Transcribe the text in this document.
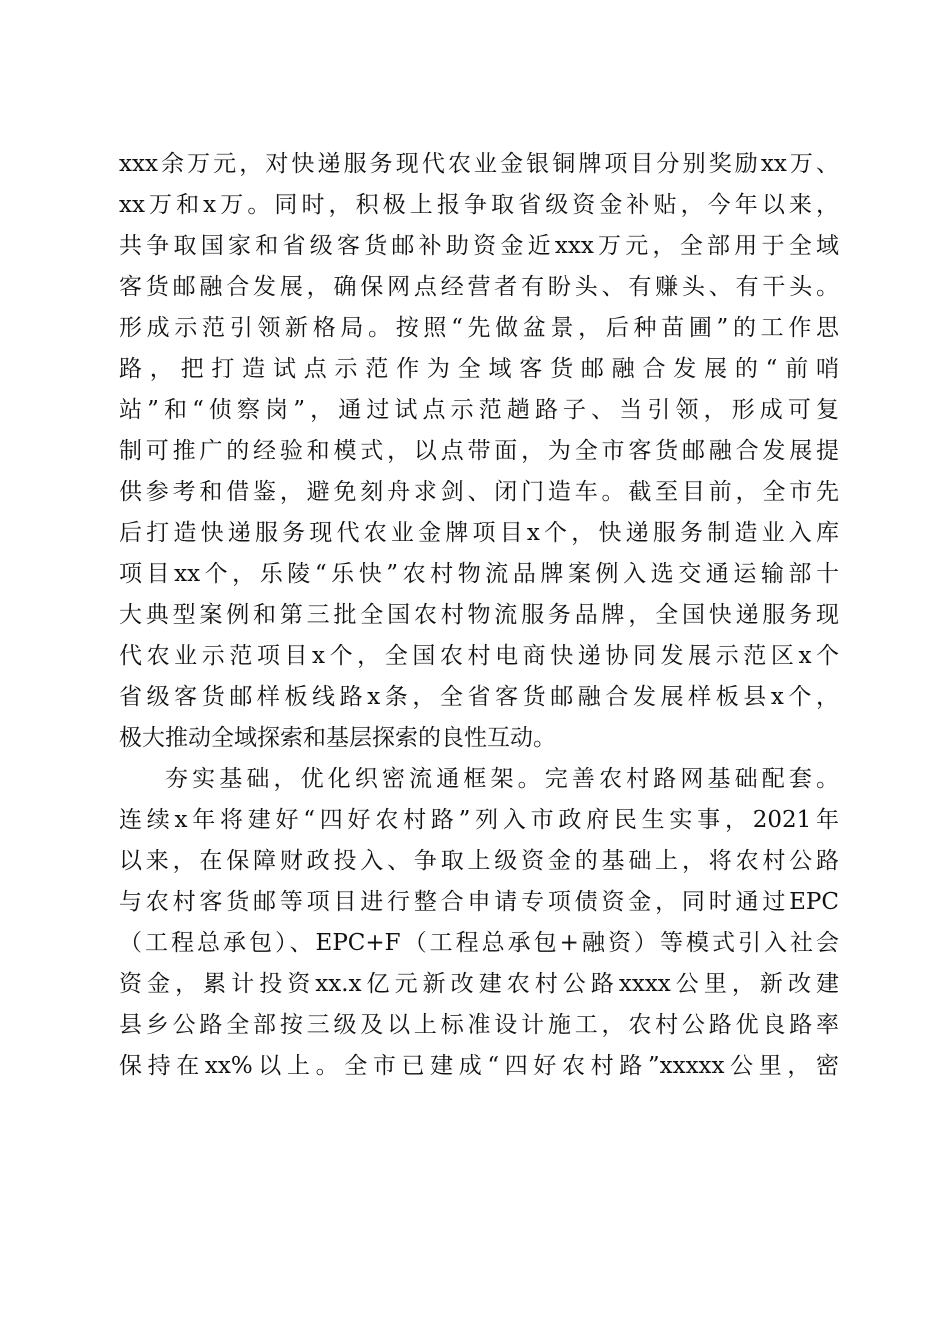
xxx余万元，对快递服务现代农业金银铜牌项目分别奖励xx万、
xx万和x万。同时，积极上报争取省级资金补贴，今年以来，
共争取国家和省级客货邮补助资金近xxx万元，全部用于全域
客货邮融合发展，确保网点经营者有盼头、有赚头、有干头。
形成示范引领新格局。按照“先做盆景，后种苗圃”的工作思
路，把打造试点示范作为全域客货邮融合发展的“前哨
站”和“侦察岗”，通过试点示范趟路子、当引领，形成可复
制可推广的经验和模式，以点带面，为全市客货邮融合发展提
供参考和借鉴，避免刻舟求剑、闭门造车。截至目前，全市先
后打造快递服务现代农业金牌项目x个，快递服务制造业入库
项目xx个，乐陵“乐快”农村物流品牌案例入选交通运输部十
大典型案例和第三批全国农村物流服务品牌，全国快递服务现
代农业示范项目x个，全国农村电商快递协同发展示范区x个
省级客货邮样板线路x条，全省客货邮融合发展样板县x个，
极大推动全域探索和基层探索的良性互动。
夯实基础，优化织密流通框架。完善农村路网基础配套。
连续x年将建好“四好农村路”列入市政府民生实事，2021年
以来，在保障财政投入、争取上级资金的基础上，将农村公路
与农村客货邮等项目进行整合申请专项债资金，同时通过EPC
（工程总承包）、EPC+F（工程总承包+融资）等模式引入社会
资金，累计投资xx.x亿元新改建农村公路xxxx公里，新改建
县乡公路全部按三级及以上标准设计施工，农村公路优良路率
保持在xx%以上。全市已建成“四好农村路”xxxxx公里，密
